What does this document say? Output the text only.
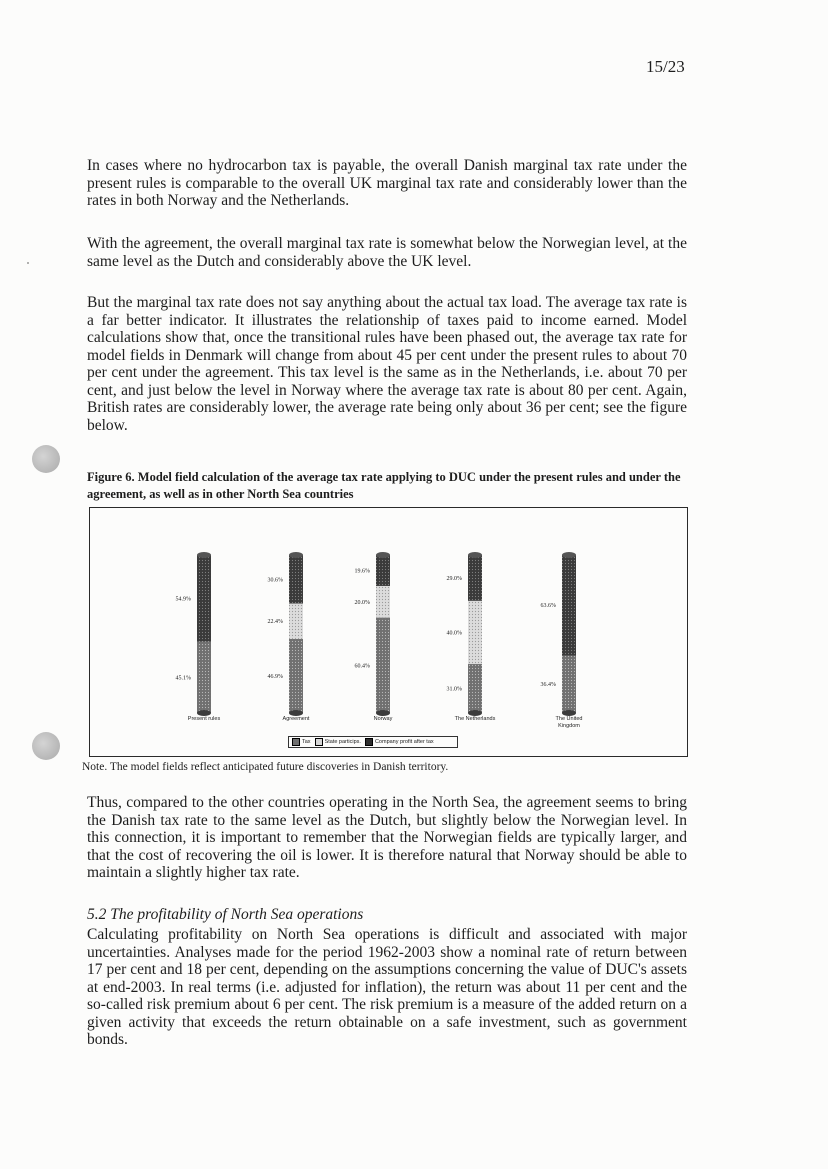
15/23

In cases where no hydrocarbon tax is payable, the overall Danish marginal tax rate under the present rules is comparable to the overall UK marginal tax rate and considerably lower than the rates in both Norway and the Netherlands.

With the agreement, the overall marginal tax rate is somewhat below the Norwegian level, at the same level as the Dutch and considerably above the UK level.

But the marginal tax rate does not say anything about the actual tax load. The average tax rate is a far better indicator. It illustrates the relationship of taxes paid to income earned. Model calculations show that, once the transitional rules have been phased out, the average tax rate for model fields in Denmark will change from about 45 per cent under the present rules to about 70 per cent under the agreement. This tax level is the same as in the Netherlands, i.e. about 70 per cent, and just below the level in Norway where the average tax rate is about 80 per cent. Again, British rates are considerably lower, the average rate being only about 36 per cent; see the figure below.

Figure 6. Model field calculation of the average tax rate applying to DUC under the present rules and under the agreement, as well as in other North Sea countries

45.1%
54.9%
Present rules
46.9%
22.4%
30.6%
Agreement
60.4%
20.0%
19.6%
Norway
31.0%
40.0%
29.0%
The Netherlands
36.4%
63.6%
The United
Kingdom
Tax	State particips.	Company profit after tax

Note. The model fields reflect anticipated future discoveries in Danish territory.

Thus, compared to the other countries operating in the North Sea, the agreement seems to bring the Danish tax rate to the same level as the Dutch, but slightly below the Norwegian level. In this connection, it is important to remember that the Norwegian fields are typically larger, and that the cost of recovering the oil is lower. It is therefore natural that Norway should be able to maintain a slightly higher tax rate.

5.2 The profitability of North Sea operations

Calculating profitability on North Sea operations is difficult and associated with major uncertainties. Analyses made for the period 1962-2003 show a nominal rate of return between 17 per cent and 18 per cent, depending on the assumptions concerning the value of DUC's assets at end-2003. In real terms (i.e. adjusted for inflation), the return was about 11 per cent and the so-called risk premium about 6 per cent. The risk premium is a measure of the added return on a given activity that exceeds the return obtainable on a safe investment, such as government bonds.
